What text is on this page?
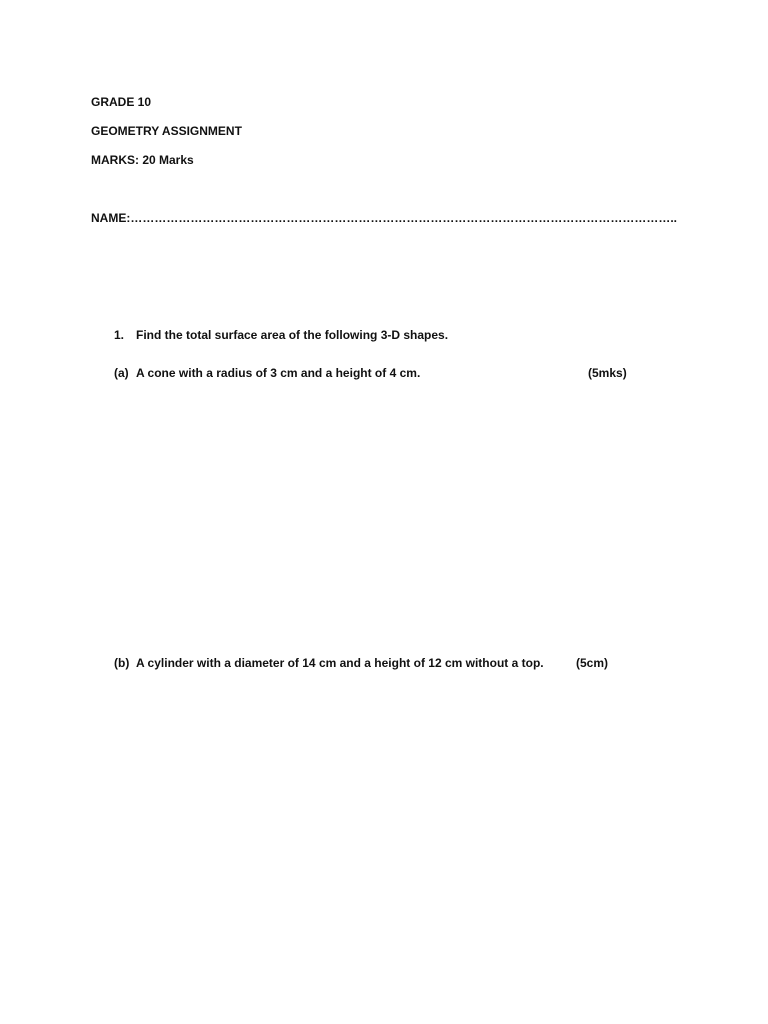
GRADE 10
GEOMETRY ASSIGNMENT
MARKS: 20 Marks
NAME:………………………………………………………………………………………………………………………..
1. Find the total surface area of the following 3-D shapes.
(a) A cone with a radius of 3 cm and a height of 4 cm.	(5mks)
(b) A cylinder with a diameter of 14 cm and a height of 12 cm without a top.	(5cm)
